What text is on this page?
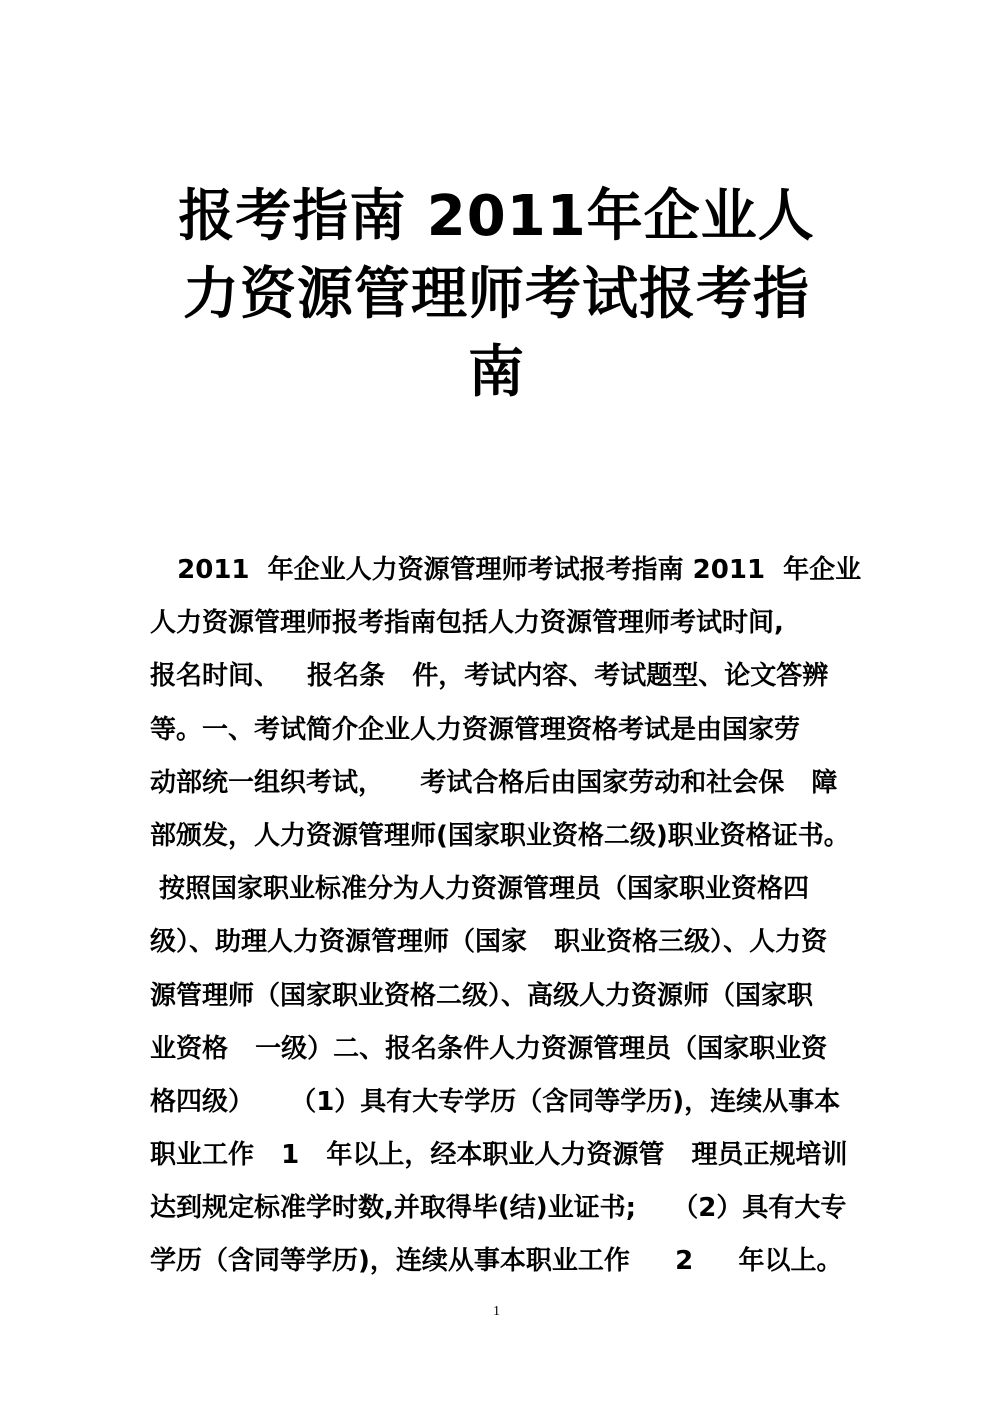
报考指南 2011年企业人
力资源管理师考试报考指
南
2011  年企业人力资源管理师考试报考指南 2011  年企业
人力资源管理师报考指南包括人力资源管理师考试时间,
报名时间、   报名条   件，考试内容、考试题型、论文答辨
等。一、考试简介企业人力资源管理资格考试是由国家劳
动部统一组织考试，    考试合格后由国家劳动和社会保   障
部颁发，人力资源管理师(国家职业资格二级)职业资格证书。
按照国家职业标准分为人力资源管理员（国家职业资格四
级）、助理人力资源管理师（国家   职业资格三级）、人力资
源管理师（国家职业资格二级）、高级人力资源师（国家职
业资格   一级）二、报名条件人力资源管理员（国家职业资
格四级）    （1）具有大专学历（含同等学历)，连续从事本
职业工作   1   年以上，经本职业人力资源管   理员正规培训
达到规定标准学时数,并取得毕(结)业证书;    （2）具有大专
学历（含同等学历)，连续从事本职业工作     2     年以上。
1
